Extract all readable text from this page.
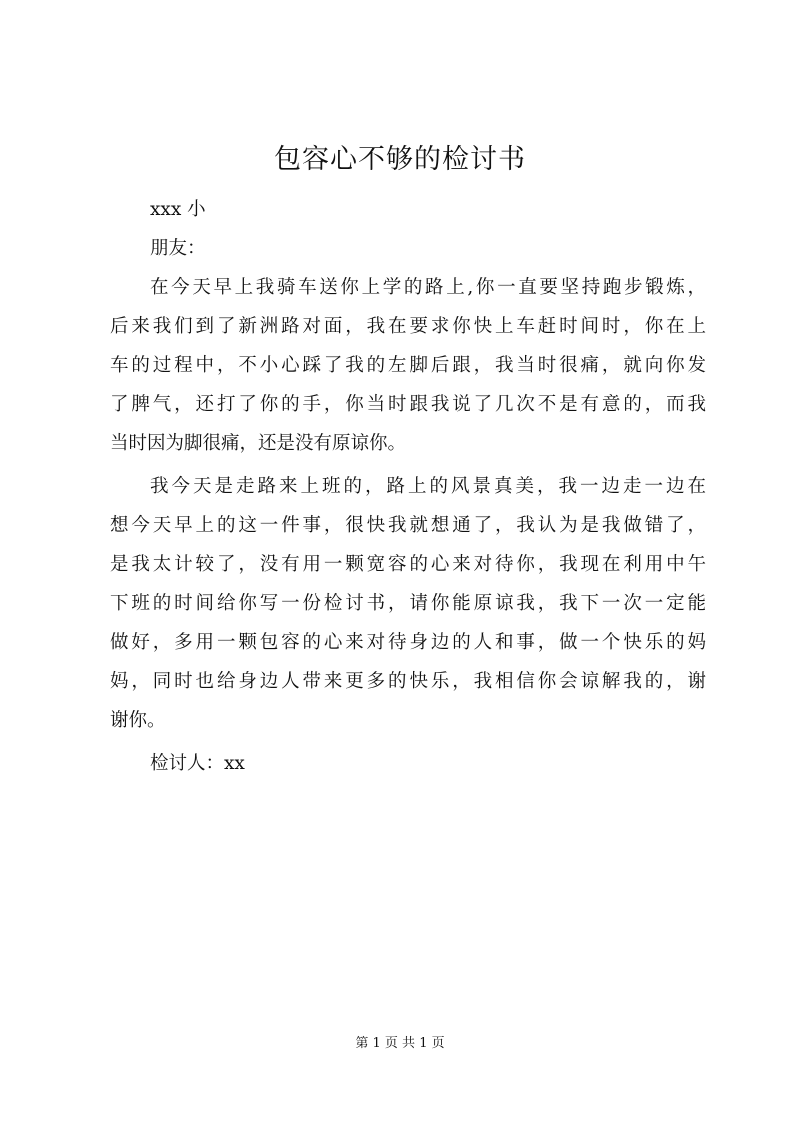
包容心不够的检讨书
xxx 小
朋友：
在今天早上我骑车送你上学的路上,你一直要坚持跑步锻炼，
后来我们到了新洲路对面，我在要求你快上车赶时间时，你在上
车的过程中，不小心踩了我的左脚后跟，我当时很痛，就向你发
了脾气，还打了你的手，你当时跟我说了几次不是有意的，而我
当时因为脚很痛，还是没有原谅你。
我今天是走路来上班的，路上的风景真美，我一边走一边在
想今天早上的这一件事，很快我就想通了，我认为是我做错了，
是我太计较了，没有用一颗宽容的心来对待你，我现在利用中午
下班的时间给你写一份检讨书，请你能原谅我，我下一次一定能
做好，多用一颗包容的心来对待身边的人和事，做一个快乐的妈
妈，同时也给身边人带来更多的快乐，我相信你会谅解我的，谢
谢你。
检讨人：xx
第 1 页 共 1 页
